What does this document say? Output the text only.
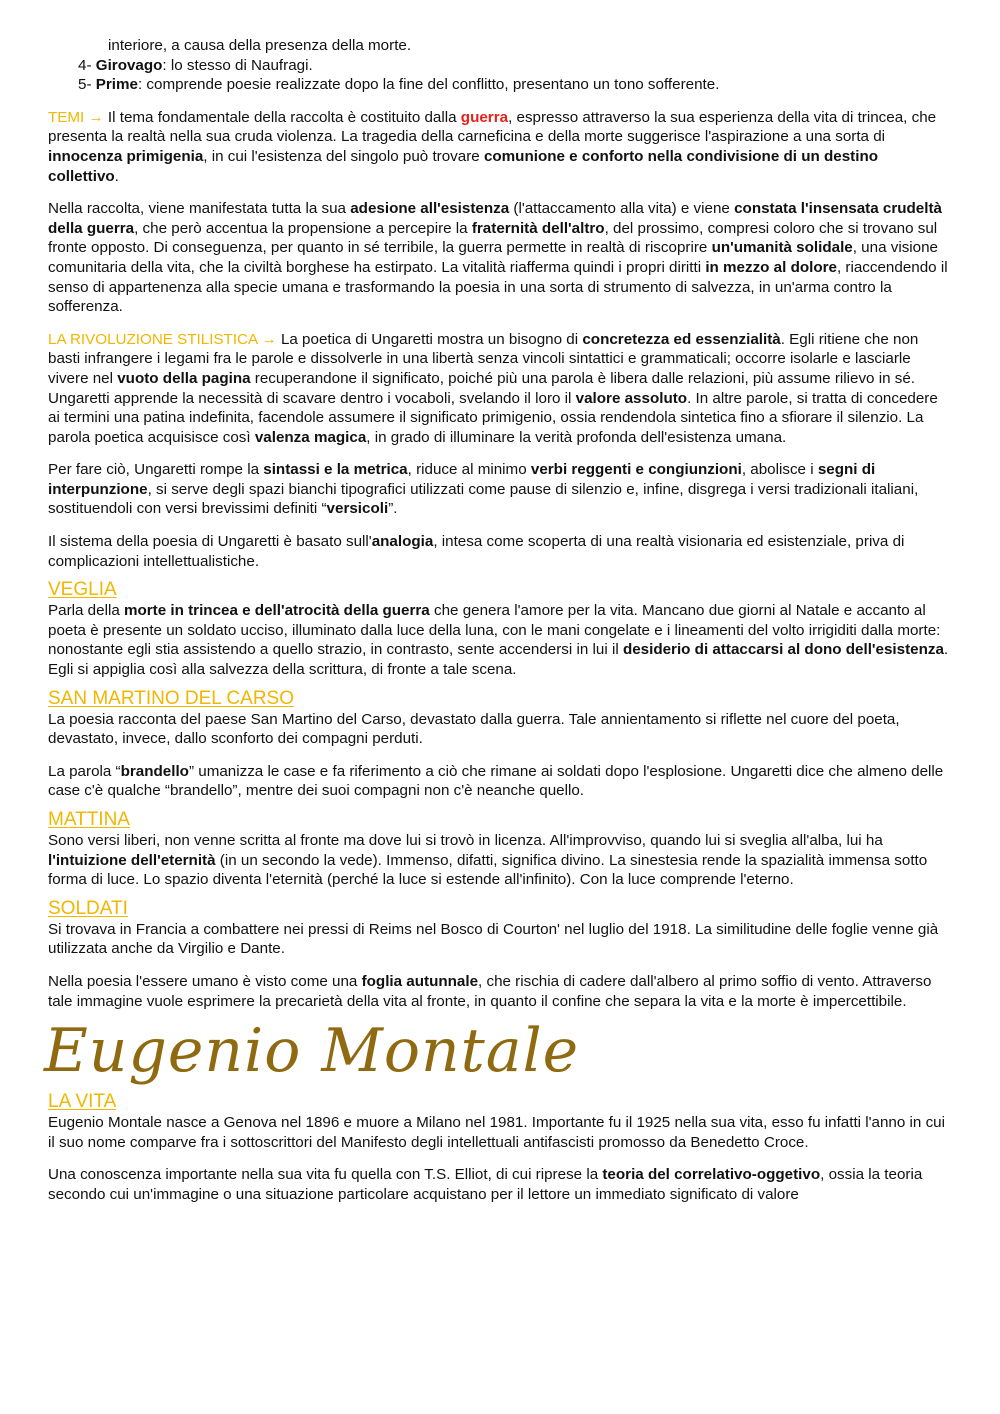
interiore, a causa della presenza della morte.

4- Girovago: lo stesso di Naufragi.

5- Prime: comprende poesie realizzate dopo la fine del conflitto, presentano un tono sofferente.

TEMI → Il tema fondamentale della raccolta è costituito dalla guerra, espresso attraverso la sua esperienza della vita di trincea, che presenta la realtà nella sua cruda violenza. La tragedia della carneficina e della morte suggerisce l'aspirazione a una sorta di innocenza primigenia, in cui l'esistenza del singolo può trovare comunione e conforto nella condivisione di un destino collettivo.

Nella raccolta, viene manifestata tutta la sua adesione all'esistenza (l'attaccamento alla vita) e viene constata l'insensata crudeltà della guerra, che però accentua la propensione a percepire la fraternità dell'altro, del prossimo, compresi coloro che si trovano sul fronte opposto. Di conseguenza, per quanto in sé terribile, la guerra permette in realtà di riscoprire un'umanità solidale, una visione comunitaria della vita, che la civiltà borghese ha estirpato. La vitalità riafferma quindi i propri diritti in mezzo al dolore, riaccendendo il senso di appartenenza alla specie umana e trasformando la poesia in una sorta di strumento di salvezza, in un'arma contro la sofferenza.

LA RIVOLUZIONE STILISTICA → La poetica di Ungaretti mostra un bisogno di concretezza ed essenzialità. Egli ritiene che non basti infrangere i legami fra le parole e dissolverle in una libertà senza vincoli sintattici e grammaticali; occorre isolarle e lasciarle vivere nel vuoto della pagina recuperandone il significato, poiché più una parola è libera dalle relazioni, più assume rilievo in sé. Ungaretti apprende la necessità di scavare dentro i vocaboli, svelando il loro il valore assoluto. In altre parole, si tratta di concedere ai termini una patina indefinita, facendole assumere il significato primigenio, ossia rendendola sintetica fino a sfiorare il silenzio. La parola poetica acquisisce così valenza magica, in grado di illuminare la verità profonda dell'esistenza umana.

Per fare ciò, Ungaretti rompe la sintassi e la metrica, riduce al minimo verbi reggenti e congiunzioni, abolisce i segni di interpunzione, si serve degli spazi bianchi tipografici utilizzati come pause di silenzio e, infine, disgrega i versi tradizionali italiani, sostituendoli con versi brevissimi definiti “versicoli”.

Il sistema della poesia di Ungaretti è basato sull'analogia, intesa come scoperta di una realtà visionaria ed esistenziale, priva di complicazioni intellettualistiche.

VEGLIA

Parla della morte in trincea e dell'atrocità della guerra che genera l'amore per la vita. Mancano due giorni al Natale e accanto al poeta è presente un soldato ucciso, illuminato dalla luce della luna, con le mani congelate e i lineamenti del volto irrigiditi dalla morte: nonostante egli stia assistendo a quello strazio, in contrasto, sente accendersi in lui il desiderio di attaccarsi al dono dell'esistenza. Egli si appiglia così alla salvezza della scrittura, di fronte a tale scena.

SAN MARTINO DEL CARSO

La poesia racconta del paese San Martino del Carso, devastato dalla guerra. Tale annientamento si riflette nel cuore del poeta, devastato, invece, dallo sconforto dei compagni perduti.

La parola “brandello” umanizza le case e fa riferimento a ciò che rimane ai soldati dopo l'esplosione. Ungaretti dice che almeno delle case c'è qualche “brandello”, mentre dei suoi compagni non c'è neanche quello.

MATTINA

Sono versi liberi, non venne scritta al fronte ma dove lui si trovò in licenza. All'improvviso, quando lui si sveglia all'alba, lui ha l'intuizione dell'eternità (in un secondo la vede). Immenso, difatti, significa divino. La sinestesia rende la spazialità immensa sotto forma di luce. Lo spazio diventa l'eternità (perché la luce si estende all'infinito). Con la luce comprende l'eterno.

SOLDATI

Si trovava in Francia a combattere nei pressi di Reims nel Bosco di Courton' nel luglio del 1918. La similitudine delle foglie venne già utilizzata anche da Virgilio e Dante.

Nella poesia l'essere umano è visto come una foglia autunnale, che rischia di cadere dall'albero al primo soffio di vento. Attraverso tale immagine vuole esprimere la precarietà della vita al fronte, in quanto il confine che separa la vita e la morte è impercettibile.

Eugenio Montale
LA VITA

Eugenio Montale nasce a Genova nel 1896 e muore a Milano nel 1981. Importante fu il 1925 nella sua vita, esso fu infatti l'anno in cui il suo nome comparve fra i sottoscrittori del Manifesto degli intellettuali antifascisti promosso da Benedetto Croce.

Una conoscenza importante nella sua vita fu quella con T.S. Elliot, di cui riprese la teoria del correlativo-oggetivo, ossia la teoria secondo cui un'immagine o una situazione particolare acquistano per il lettore un immediato significato di valore
